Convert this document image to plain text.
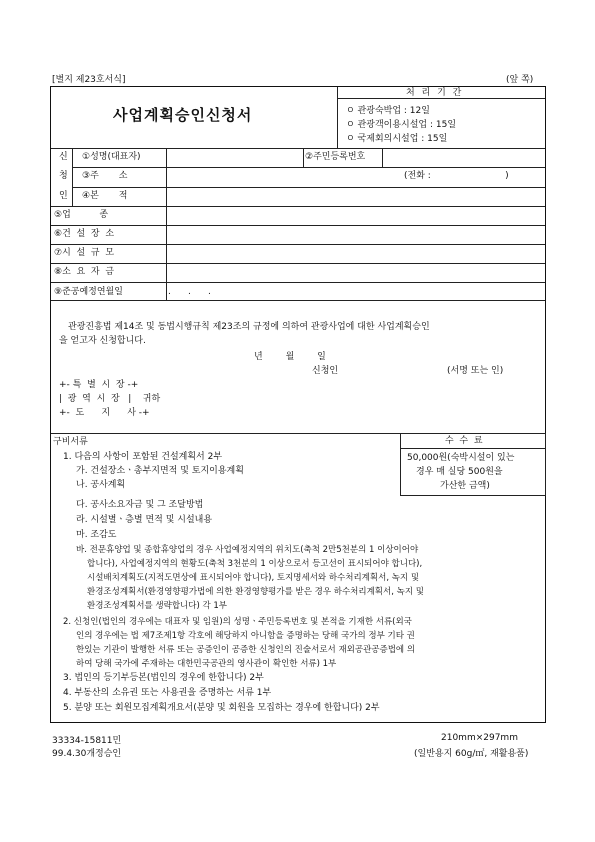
[별지 제23호서식]	(앞 쪽)
사업계획승인신청서
처 리 기 간
ㅇ 관광숙박업 : 12일
ㅇ 관광객이용시설업 : 15일
ㅇ 국제회의시설업 : 15일
신
청
인
①성명(대표자)	②주민등록번호
③주       소	(전화 :                          )
④본       적
⑤업          종
⑥건  설  장  소
⑦시  설  규  모
⑧소  요  자  금
⑨준공예정연월일	.      .      .
관광진흥법 제14조 및 동법시행규칙 제23조의 규정에 의하여 관광사업에 대한 사업계획승인
을 얻고자 신청합니다.
년        월        일
신청인	(서명 또는 인)
+- 특  별  시  장 -+
|  광  역  시  장   |    귀하
+-  도      지      사 -+
구비서류	수  수  료
50,000원(숙박시설이 있는
경우 매 실당 500원을
가산한 금액)
1. 다음의 사항이 포함된 건설계획서 2부
가. 건설장소ㆍ총부지면적 및 토지이용계획
나. 공사계획
다. 공사소요자금 및 그 조달방법
라. 시설별ㆍ층별 면적 및 시설내용
마. 조감도
바. 전문휴양업 및 종합휴양업의 경우 사업예정지역의 위치도(축척 2만5천분의 1 이상이어야
합니다), 사업예정지역의 현황도(축척 3천분의 1 이상으로서 등고선이 표시되어야 합니다),
시설배치계획도(지적도면상에 표시되어야 합니다), 토지명세서와 하수처리계획서, 녹지 및
환경조성계획서(환경영향평가법에 의한 환경영향평가를 받은 경우 하수처리계획서, 녹지 및
환경조성계획서를 생략합니다) 각 1부
2. 신청인(법인의 경우에는 대표자 및 임원)의 성명ㆍ주민등록번호 및 본적을 기재한 서류(외국
인의 경우에는 법 제7조제1항 각호에 해당하지 아니함을 증명하는 당해 국가의 정부 기타 권
한있는 기관이 발행한 서류 또는 공증인이 공증한 신청인의 진술서로서 재외공관공증법에 의
하여 당해 국가에 주재하는 대한민국공관의 영사관이 확인한 서류) 1부
3. 법인의 등기부등본(법인의 경우에 한합니다) 2부
4. 부동산의 소유권 또는 사용권을 증명하는 서류 1부
5. 분양 또는 회원모집계획개요서(분양 및 회원을 모집하는 경우에 한합니다) 2부
33334-15811민
99.4.30개정승인
210mm×297mm
(일반용지 60g/㎡, 재활용품)
